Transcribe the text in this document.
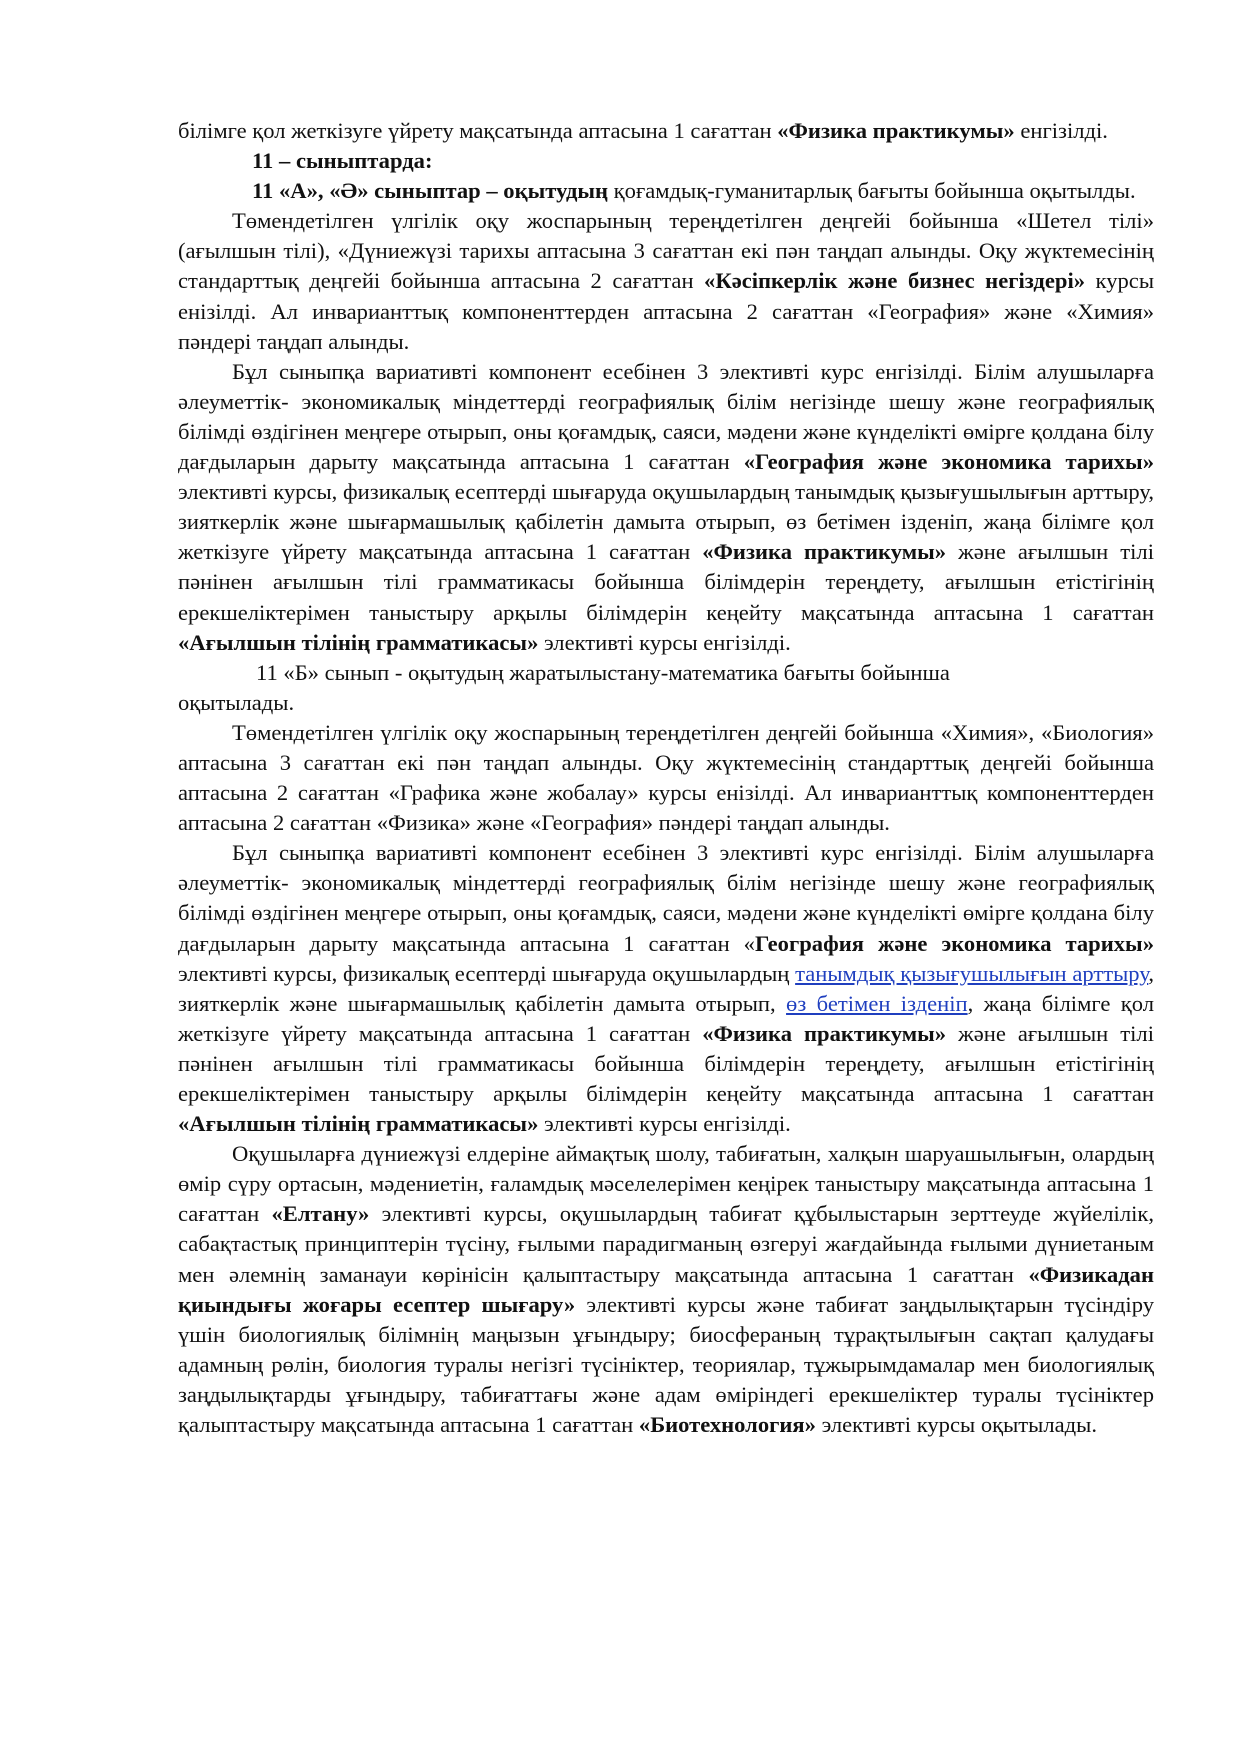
білімге қол жеткізуге үйрету мақсатында аптасына 1 сағаттан «Физика практикумы» енгізілді.

11 – сыныптарда:

11 «А», «Ә» сыныптар – оқытудың қоғамдық-гуманитарлық бағыты бойынша оқытылды.

Төмендетілген үлгілік оқу жоспарының тереңдетілген деңгейі бойынша «Шетел тілі» (ағылшын тілі), «Дүниежүзі тарихы аптасына 3 сағаттан екі пән таңдап алынды. Оқу жүктемесінің стандарттық деңгейі бойынша аптасына 2 сағаттан «Кәсіпкерлік және бизнес негіздері» курсы енізілді. Ал инварианттық компоненттерден аптасына 2 сағаттан «География» және «Химия» пәндері таңдап алынды.

Бұл сыныпқа вариативті компонент есебінен 3 элективті курс енгізілді. Білім алушыларға әлеуметтік- экономикалық міндеттерді географиялық білім негізінде шешу және географиялық білімді өздігінен меңгере отырып, оны қоғамдық, саяси, мәдени және күнделікті өмірге қолдана білу дағдыларын дарыту мақсатында аптасына 1 сағаттан «География және экономика тарихы» элективті курсы, физикалық есептерді шығаруда оқушылардың танымдық қызығушылығын арттыру, зияткерлік және шығармашылық қабілетін дамыта отырып, өз бетімен ізденіп, жаңа білімге қол жеткізуге үйрету мақсатында аптасына 1 сағаттан «Физика практикумы» және ағылшын тілі пәнінен ағылшын тілі грамматикасы бойынша білімдерін тереңдету, ағылшын етістігінің ерекшеліктерімен таныстыру арқылы білімдерін кеңейту мақсатында аптасына 1 сағаттан «Ағылшын тілінің грамматикасы» элективті курсы енгізілді.

11 «Б» сынып - оқытудың жаратылыстану-математика бағыты бойынша

оқытылады.

Төмендетілген үлгілік оқу жоспарының тереңдетілген деңгейі бойынша «Химия», «Биология» аптасына 3 сағаттан екі пән таңдап алынды. Оқу жүктемесінің стандарттық деңгейі бойынша аптасына 2 сағаттан «Графика және жобалау» курсы енізілді. Ал инварианттық компоненттерден аптасына 2 сағаттан «Физика» және «География» пәндері таңдап алынды.

Бұл сыныпқа вариативті компонент есебінен 3 элективті курс енгізілді. Білім алушыларға әлеуметтік- экономикалық міндеттерді географиялық білім негізінде шешу және географиялық білімді өздігінен меңгере отырып, оны қоғамдық, саяси, мәдени және күнделікті өмірге қолдана білу дағдыларын дарыту мақсатында аптасына 1 сағаттан «География және экономика тарихы» элективті курсы, физикалық есептерді шығаруда оқушылардың танымдық қызығушылығын арттыру, зияткерлік және шығармашылық қабілетін дамыта отырып, өз бетімен ізденіп, жаңа білімге қол жеткізуге үйрету мақсатында аптасына 1 сағаттан «Физика практикумы» және ағылшын тілі пәнінен ағылшын тілі грамматикасы бойынша білімдерін тереңдету, ағылшын етістігінің ерекшеліктерімен таныстыру арқылы білімдерін кеңейту мақсатында аптасына 1 сағаттан «Ағылшын тілінің грамматикасы» элективті курсы енгізілді.

Оқушыларға дүниежүзі елдеріне аймақтық шолу, табиғатын, халқын шаруашылығын, олардың өмір сүру ортасын, мәдениетін, ғаламдық мәселелерімен кеңірек таныстыру мақсатында аптасына 1 сағаттан «Елтану» элективті курсы, оқушылардың табиғат құбылыстарын зерттеуде жүйелілік, сабақтастық принциптерін түсіну, ғылыми парадигманың өзгеруі жағдайында ғылыми дүниетаным мен әлемнің заманауи көрінісін қалыптастыру мақсатында аптасына 1 сағаттан «Физикадан қиындығы жоғары есептер шығару» элективті курсы және табиғат заңдылықтарын түсіндіру үшін биологиялық білімнің маңызын ұғындыру; биосфераның тұрақтылығын сақтап қалудағы адамның рөлін, биология туралы негізгі түсініктер, теориялар, тұжырымдамалар мен биологиялық заңдылықтарды ұғындыру, табиғаттағы және адам өміріндегі ерекшеліктер туралы түсініктер қалыптастыру мақсатында аптасына 1 сағаттан «Биотехнология» элективті курсы оқытылады.
